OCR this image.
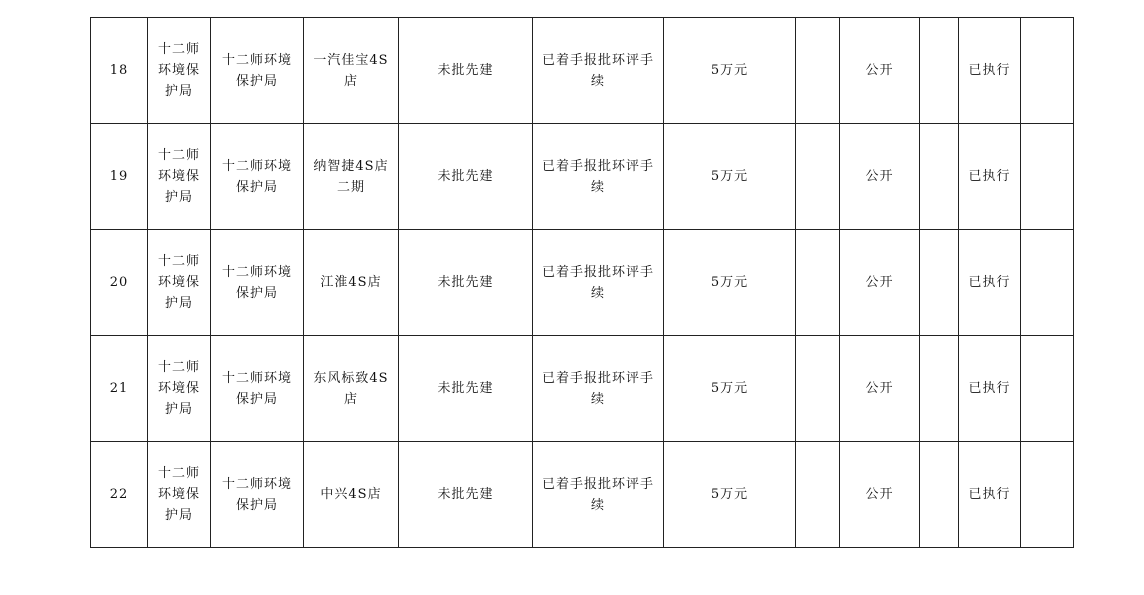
18	十二师环境保护局	十二师环境保护局	一汽佳宝4S店	未批先建	已着手报批环评手续	5万元		公开		已执行	
19	十二师环境保护局	十二师环境保护局	纳智捷4S店二期	未批先建	已着手报批环评手续	5万元		公开		已执行	
20	十二师环境保护局	十二师环境保护局	江淮4S店	未批先建	已着手报批环评手续	5万元		公开		已执行	
21	十二师环境保护局	十二师环境保护局	东风标致4S店	未批先建	已着手报批环评手续	5万元		公开		已执行	
22	十二师环境保护局	十二师环境保护局	中兴4S店	未批先建	已着手报批环评手续	5万元		公开		已执行	
